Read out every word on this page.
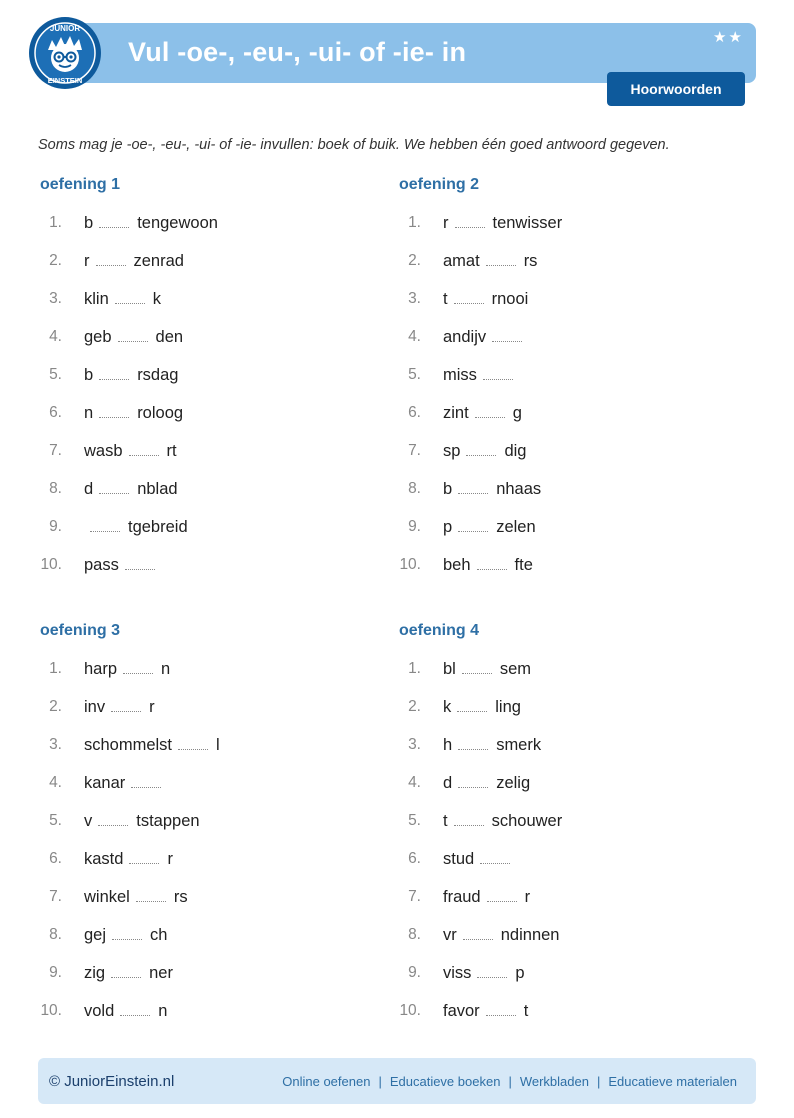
JUNIOR
EINSTEIN
Vul -oe-, -eu-, -ui- of -ie- in	★★
Hoorwoorden
Soms mag je -oe-, -eu-, -ui- of -ie- invullen: boek of buik. We hebben één goed antwoord gegeven.
oefening 1
1. b	tengewoon
2. r	zenrad
3. klin	k
4. geb	den
5. b	rsdag
6. n	roloog
7. wasb	rt
8. d	nblad
9.	tgebreid
10. pass
oefening 2
1. r	tenwisser
2. amat	rs
3. t	rnooi
4. andijv
5. miss
6. zint	g
7. sp	dig
8. b	nhaas
9. p	zelen
10. beh	fte
oefening 3
1. harp	n
2. inv	r
3. schommelst	l
4. kanar
5. v	tstappen
6. kastd	r
7. winkel	rs
8. gej	ch
9. zig	ner
10. vold	n
oefening 4
1. bl	sem
2. k	ling
3. h	smerk
4. d	zelig
5. t	schouwer
6. stud
7. fraud	r
8. vr	ndinnen
9. viss	p
10. favor	t
© JuniorEinstein.nl	Online oefenen | Educatieve boeken | Werkbladen | Educatieve materialen
